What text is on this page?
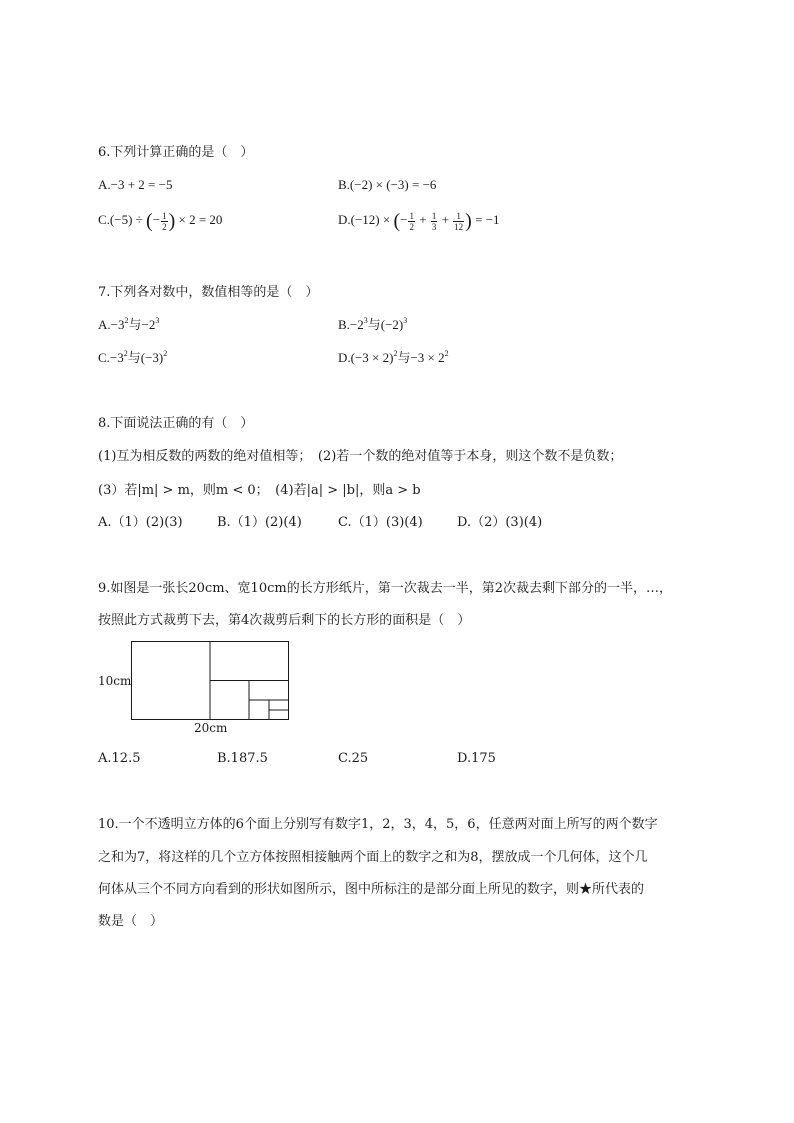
6.下列计算正确的是（　）
A.−3 + 2 = −5	B.(−2) × (−3) = −6
C.(−5) ÷ (− $\frac{1}{2}$ ) × 2 = 20	D.(−12) × (− $\frac{1}{2} + \frac{1}{3} + \frac{1}{12}$ ) = −1
7.下列各对数中，数值相等的是（　）
$A.-3^2$与$-2^3$	$B.-2^3$与$(-2)^3$
$C.-3^2$与$(-3)^2$	$D.(-3 \times 2)^2$与$-3 \times 2^2$
8.下面说法正确的有（　）
(1)互为相反数的两数的绝对值相等；　(2)若一个数的绝对值等于本身，则这个数不是负数；
(3）若|m| > m，则m < 0；　(4)若|a| > |b|，则a > b
A.（1）(2)(3)	B.（1）(2)(4)	C.（1）(3)(4)	D.（2）(3)(4)
9.如图是一张长20cm、宽10cm的长方形纸片，第一次裁去一半，第2次裁去剩下部分的一半，…，
按照此方式裁剪下去，第4次裁剪后剩下的长方形的面积是（　）
10cm
20cm
A.12.5	B.187.5	C.25	D.175
10.一个不透明立方体的6个面上分别写有数字1，2，3，4，5，6，任意两对面上所写的两个数字
之和为7，将这样的几个立方体按照相接触两个面上的数字之和为8，摆放成一个几何体，这个几
何体从三个不同方向看到的形状如图所示，图中所标注的是部分面上所见的数字，则★所代表的
数是（　）
